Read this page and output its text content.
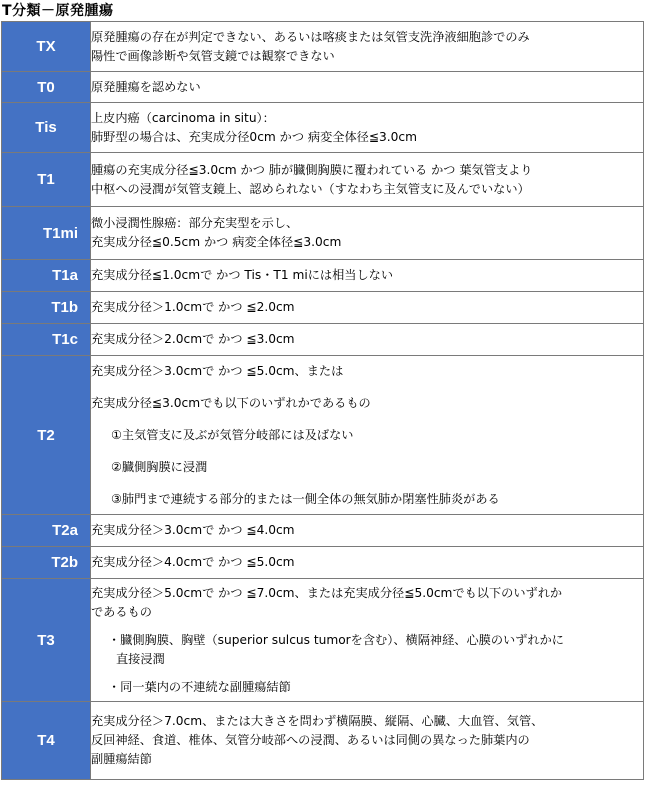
T分類－原発腫瘍
TX	原発腫瘍の存在が判定できない、あるいは喀痰または気管支洗浄液細胞診でのみ
陽性で画像診断や気管支鏡では観察できない

T0	原発腫瘍を認めない

Tis	上皮内癌（carcinoma in situ）：
肺野型の場合は、充実成分径0cm かつ 病変全体径≦3.0cm

T1	腫瘍の充実成分径≦3.0cm かつ 肺が臓側胸膜に覆われている かつ 葉気管支より
中枢への浸潤が気管支鏡上、認められない（すなわち主気管支に及んでいない）

T1mi	微小浸潤性腺癌：部分充実型を示し、
充実成分径≦0.5cm かつ 病変全体径≦3.0cm

T1a	充実成分径≦1.0cmで かつ Tis・T1 miには相当しない

T1b	充実成分径＞1.0cmで かつ ≦2.0cm

T1c	充実成分径＞2.0cmで かつ ≦3.0cm

T2	充実成分径＞3.0cmで かつ ≦5.0cm、または
充実成分径≦3.0cmでも以下のいずれかであるもの
①主気管支に及ぶが気管分岐部には及ばない
②臓側胸膜に浸潤
③肺門まで連続する部分的または一側全体の無気肺か閉塞性肺炎がある

T2a	充実成分径＞3.0cmで かつ ≦4.0cm

T2b	充実成分径＞4.0cmで かつ ≦5.0cm

T3	充実成分径＞5.0cmで かつ ≦7.0cm、または充実成分径≦5.0cmでも以下のいずれか
であるもの
・臓側胸膜、胸壁（superior sulcus tumorを含む）、横隔神経、心膜のいずれかに
直接浸潤
・同一葉内の不連続な副腫瘍結節

T4	充実成分径＞7.0cm、または大きさを問わず横隔膜、縦隔、心臓、大血管、気管、
反回神経、食道、椎体、気管分岐部への浸潤、あるいは同側の異なった肺葉内の
副腫瘍結節
